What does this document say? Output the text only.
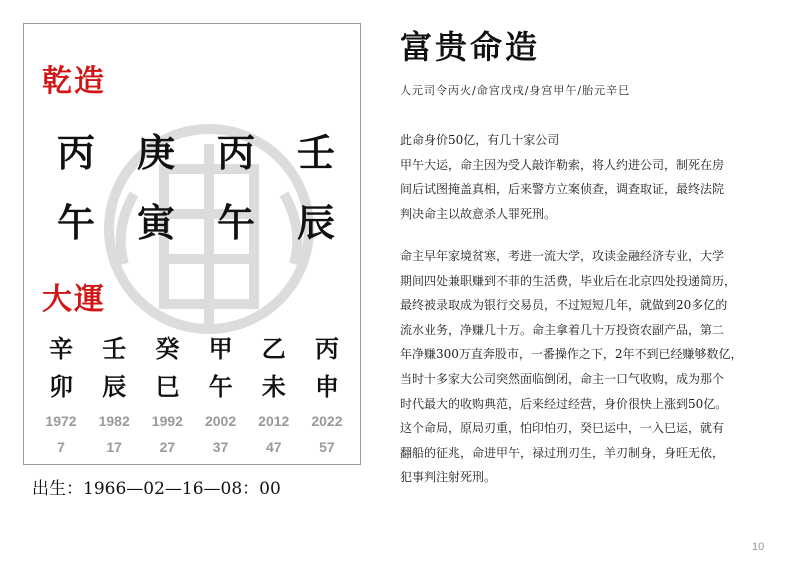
乾造
丙 庚 丙 壬
午 寅 午 辰
大運
辛	壬	癸	甲	乙	丙
卯	辰	巳	午	未	申
1972	1982	1992	2002	2012	2022
7	17	27	37	47	57
出生：1966—02—16—08：00
富贵命造
人元司令丙火/命宫戊戌/身宫甲午/胎元辛巳
此命身价50亿，有几十家公司
甲午大运，命主因为受人敲诈勒索，将人约进公司，制死在房
间后试图掩盖真相，后来警方立案侦查，调查取证，最终法院
判决命主以故意杀人罪死刑。
命主早年家境贫寒，考进一流大学，攻读金融经济专业，大学
期间四处兼职赚到不菲的生活费，毕业后在北京四处投递简历，
最终被录取成为银行交易员，不过短短几年，就做到20多亿的
流水业务，净赚几十万。命主拿着几十万投资农副产品，第二
年净赚300万直奔股市，一番操作之下，2年不到已经赚够数亿，
当时十多家大公司突然面临倒闭，命主一口气收购，成为那个
时代最大的收购典范，后来经过经营，身价很快上涨到50亿。
这个命局，原局刃重，怕印怕刃，癸巳运中，一入巳运，就有
翻船的征兆，命进甲午，禄过刑刃生，羊刃制身，身旺无依，
犯事判注射死刑。
10
